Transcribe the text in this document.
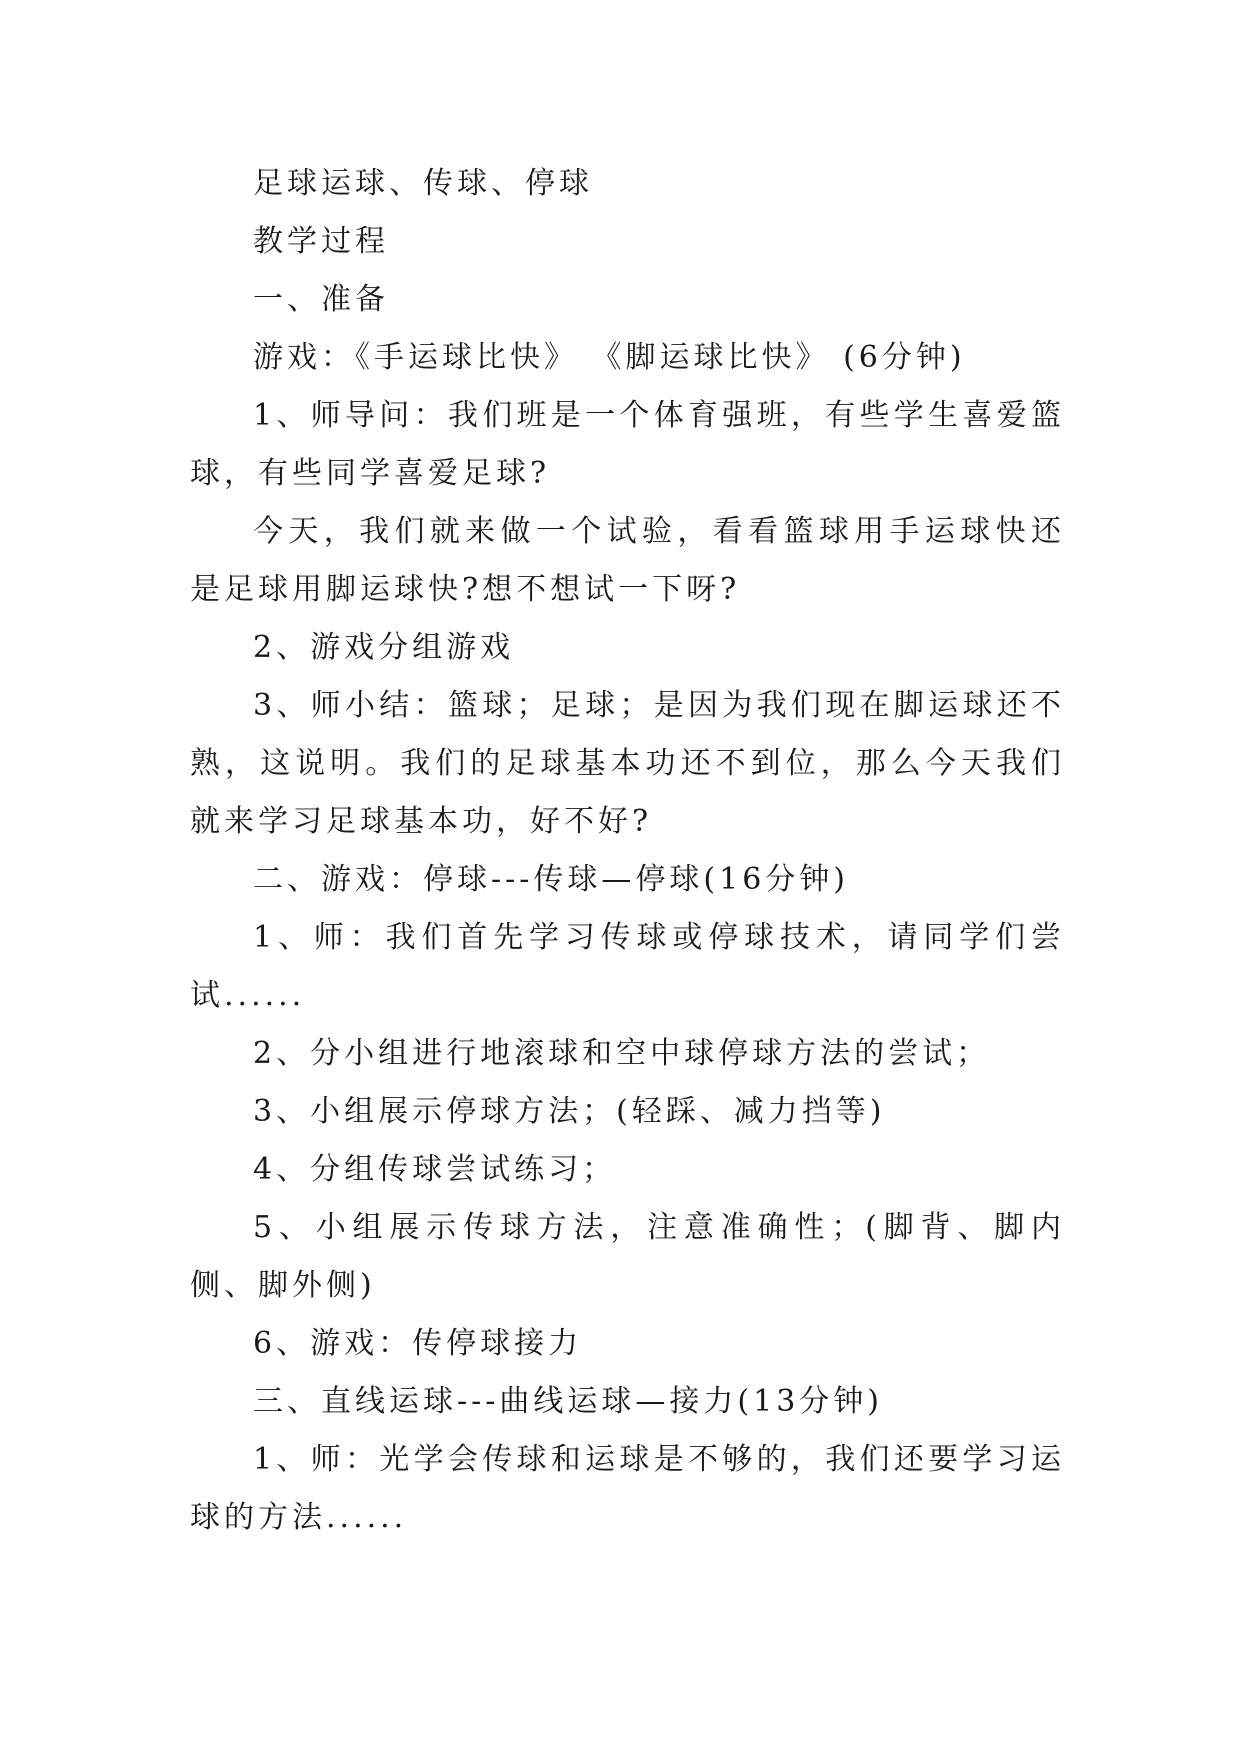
足球运球、传球、停球

教学过程

一、准备

游戏：《手运球比快》 《脚运球比快》 (6分钟)

1、师导问：我们班是一个体育强班，有些学生喜爱篮球，有些同学喜爱足球?

今天，我们就来做一个试验，看看篮球用手运球快还是足球用脚运球快?想不想试一下呀?

2、游戏分组游戏

3、师小结：篮球；足球；是因为我们现在脚运球还不熟，这说明。我们的足球基本功还不到位，那么今天我们就来学习足球基本功，好不好?

二、游戏：停球---传球—停球(16分钟)

1、师：我们首先学习传球或停球技术，请同学们尝试......

2、分小组进行地滚球和空中球停球方法的尝试；

3、小组展示停球方法；(轻踩、减力挡等)

4、分组传球尝试练习；

5、小组展示传球方法，注意准确性；(脚背、脚内侧、脚外侧)

6、游戏：传停球接力

三、直线运球---曲线运球—接力(13分钟)

1、师：光学会传球和运球是不够的，我们还要学习运球的方法......
